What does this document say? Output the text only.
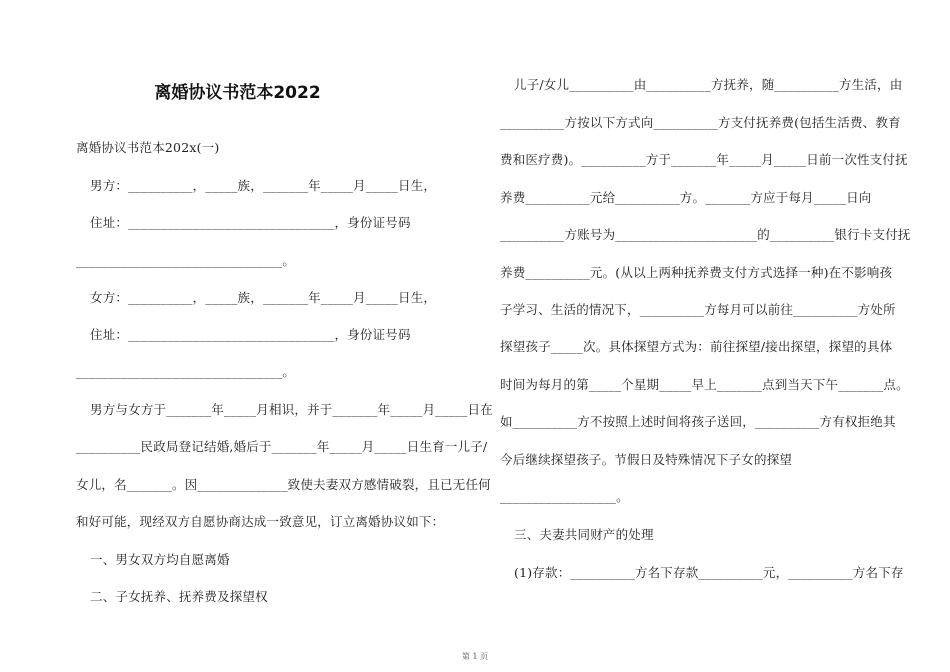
离婚协议书范本2022
离婚协议书范本202x(一)
男方：__________，_____族，_______年_____月_____日生，
住址：________________________________，身份证号码
________________________________。
女方：__________，_____族，_______年_____月_____日生，
住址：________________________________，身份证号码
________________________________。
男方与女方于_______年_____月相识，并于_______年_____月_____日在
__________民政局登记结婚,婚后于_______年_____月_____日生育一儿子/
女儿，名_______。因______________致使夫妻双方感情破裂，且已无任何
和好可能，现经双方自愿协商达成一致意见，订立离婚协议如下：
一、男女双方均自愿离婚
二、子女抚养、抚养费及探望权
儿子/女儿__________由__________方抚养，随__________方生活，由
__________方按以下方式向__________方支付抚养费(包括生活费、教育
费和医疗费)。__________方于_______年_____月_____日前一次性支付抚
养费__________元给__________方。_______方应于每月_____日向
__________方账号为______________________的__________银行卡支付抚
养费__________元。(从以上两种抚养费支付方式选择一种)在不影响孩
子学习、生活的情况下，__________方每月可以前往__________方处所
探望孩子_____次。具体探望方式为：前往探望/接出探望，探望的具体
时间为每月的第_____个星期_____早上_______点到当天下午_______点。
如__________方不按照上述时间将孩子送回，__________方有权拒绝其
今后继续探望孩子。节假日及特殊情况下子女的探望
__________________。
三、夫妻共同财产的处理
(1)存款：__________方名下存款__________元，__________方名下存
第 1 页
